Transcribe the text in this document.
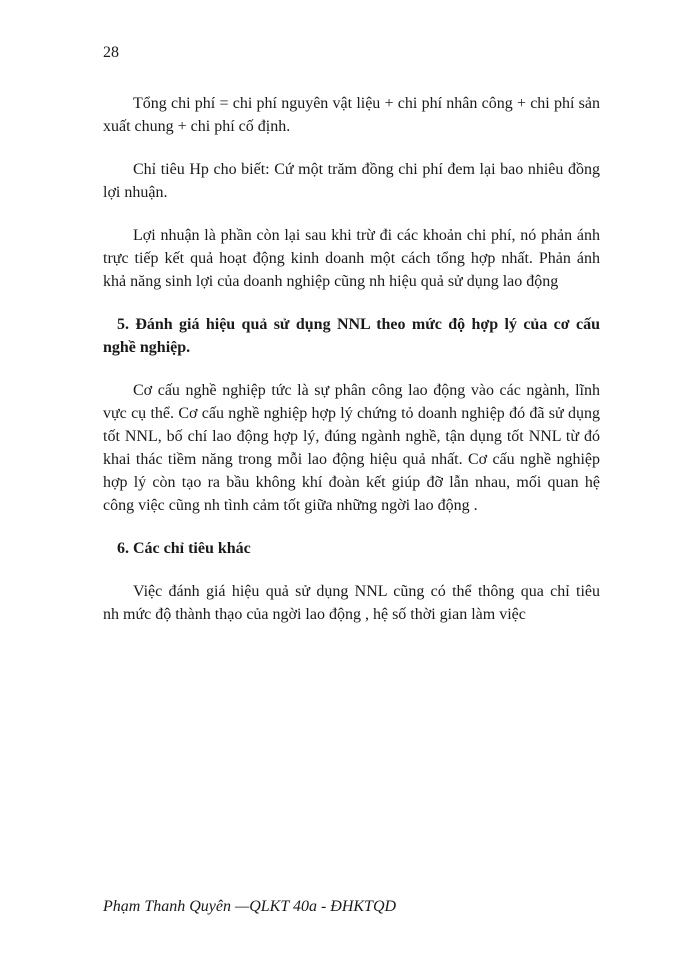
28

Tổng chi phí = chi phí nguyên vật liệu + chi phí nhân công + chi phí sản
xuất chung + chi phí cố định.

Chỉ tiêu Hp cho biết: Cứ một trăm đồng chi phí đem lại bao nhiêu đồng
lợi nhuận.

Lợi nhuận là phần còn lại sau khi trừ đi các khoản chi phí, nó phản ánh
trực tiếp kết quả hoạt động kinh doanh một cách tổng hợp nhất. Phản ánh
khả năng sinh lợi của doanh nghiệp cũng nh hiệu quả sử dụng lao động

5. Đánh giá hiệu quả sử dụng NNL theo mức độ hợp lý của cơ cấu
nghề nghiệp.

Cơ cấu nghề nghiệp tức là sự phân công lao động vào các ngành, lĩnh
vực cụ thể. Cơ cấu nghề nghiệp hợp lý chứng tỏ doanh nghiệp đó đã sử dụng
tốt NNL, bố chí lao động hợp lý, đúng ngành nghề, tận dụng tốt NNL từ đó
khai thác tiềm năng trong mỗi lao động hiệu quả nhất. Cơ cấu nghề nghiệp
hợp lý còn tạo ra bầu không khí đoàn kết giúp đỡ lẫn nhau, mối quan hệ
công việc cũng nh tình cảm tốt giữa những ngời lao động .

6. Các chỉ tiêu khác

Việc đánh giá hiệu quả sử dụng NNL cũng có thể thông qua chỉ tiêu
nh mức độ thành thạo của ngời lao động , hệ số thời gian làm việc

Phạm Thanh Quyên —QLKT 40a - ĐHKTQD
